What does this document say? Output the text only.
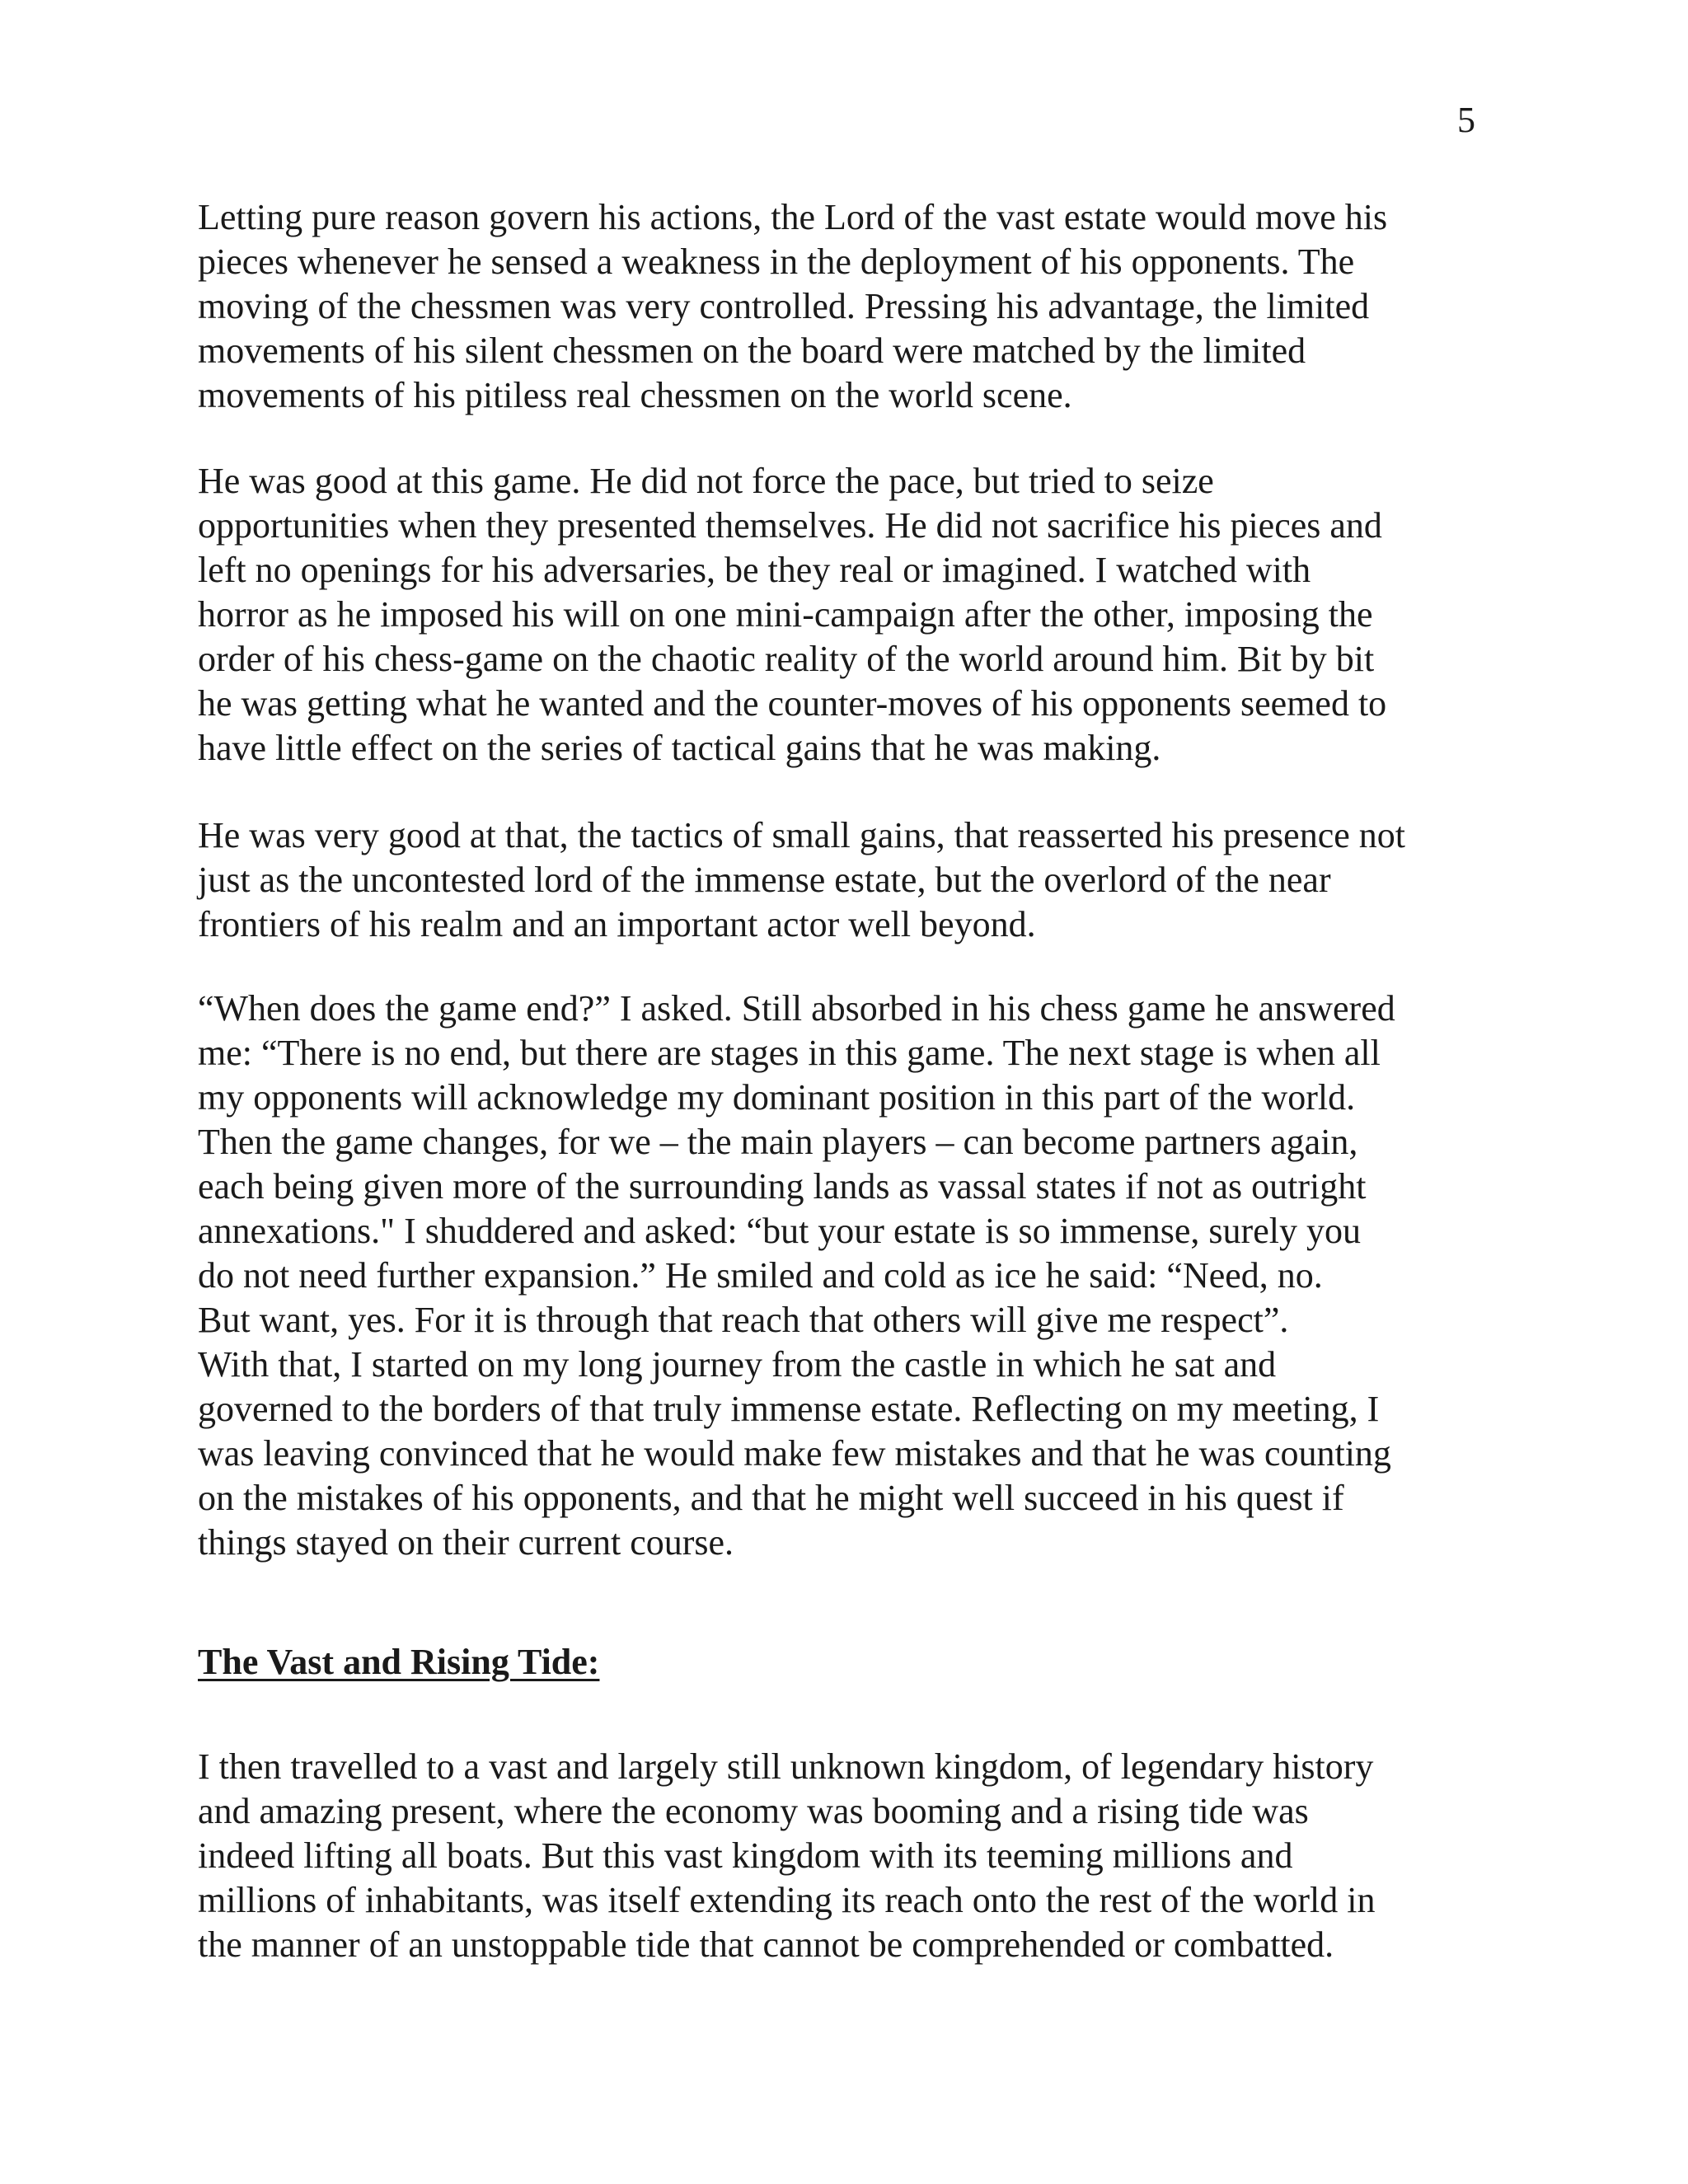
5
Letting pure reason govern his actions, the Lord of the vast estate would move his
pieces whenever he sensed a weakness in the deployment of his opponents. The
moving of the chessmen was very controlled. Pressing his advantage, the limited
movements of his silent chessmen on the board were matched by the limited
movements of his pitiless real chessmen on the world scene.
He was good at this game. He did not force the pace, but tried to seize
opportunities when they presented themselves. He did not sacrifice his pieces and
left no openings for his adversaries, be they real or imagined. I watched with
horror as he imposed his will on one mini-campaign after the other, imposing the
order of his chess-game on the chaotic reality of the world around him. Bit by bit
he was getting what he wanted and the counter-moves of his opponents seemed to
have little effect on the series of tactical gains that he was making.
He was very good at that, the tactics of small gains, that reasserted his presence not
just as the uncontested lord of the immense estate, but the overlord of the near
frontiers of his realm and an important actor well beyond.
“When does the game end?” I asked. Still absorbed in his chess game he answered
me: “There is no end, but there are stages in this game. The next stage is when all
my opponents will acknowledge my dominant position in this part of the world.
Then the game changes, for we – the main players – can become partners again,
each being given more of the surrounding lands as vassal states if not as outright
annexations." I shuddered and asked: “but your estate is so immense, surely you
do not need further expansion.” He smiled and cold as ice he said: “Need, no.
But want, yes. For it is through that reach that others will give me respect”.
With that, I started on my long journey from the castle in which he sat and
governed to the borders of that truly immense estate. Reflecting on my meeting, I
was leaving convinced that he would make few mistakes and that he was counting
on the mistakes of his opponents, and that he might well succeed in his quest if
things stayed on their current course.
The Vast and Rising Tide:
I then travelled to a vast and largely still unknown kingdom, of legendary history
and amazing present, where the economy was booming and a rising tide was
indeed lifting all boats. But this vast kingdom with its teeming millions and
millions of inhabitants, was itself extending its reach onto the rest of the world in
the manner of an unstoppable tide that cannot be comprehended or combatted.
